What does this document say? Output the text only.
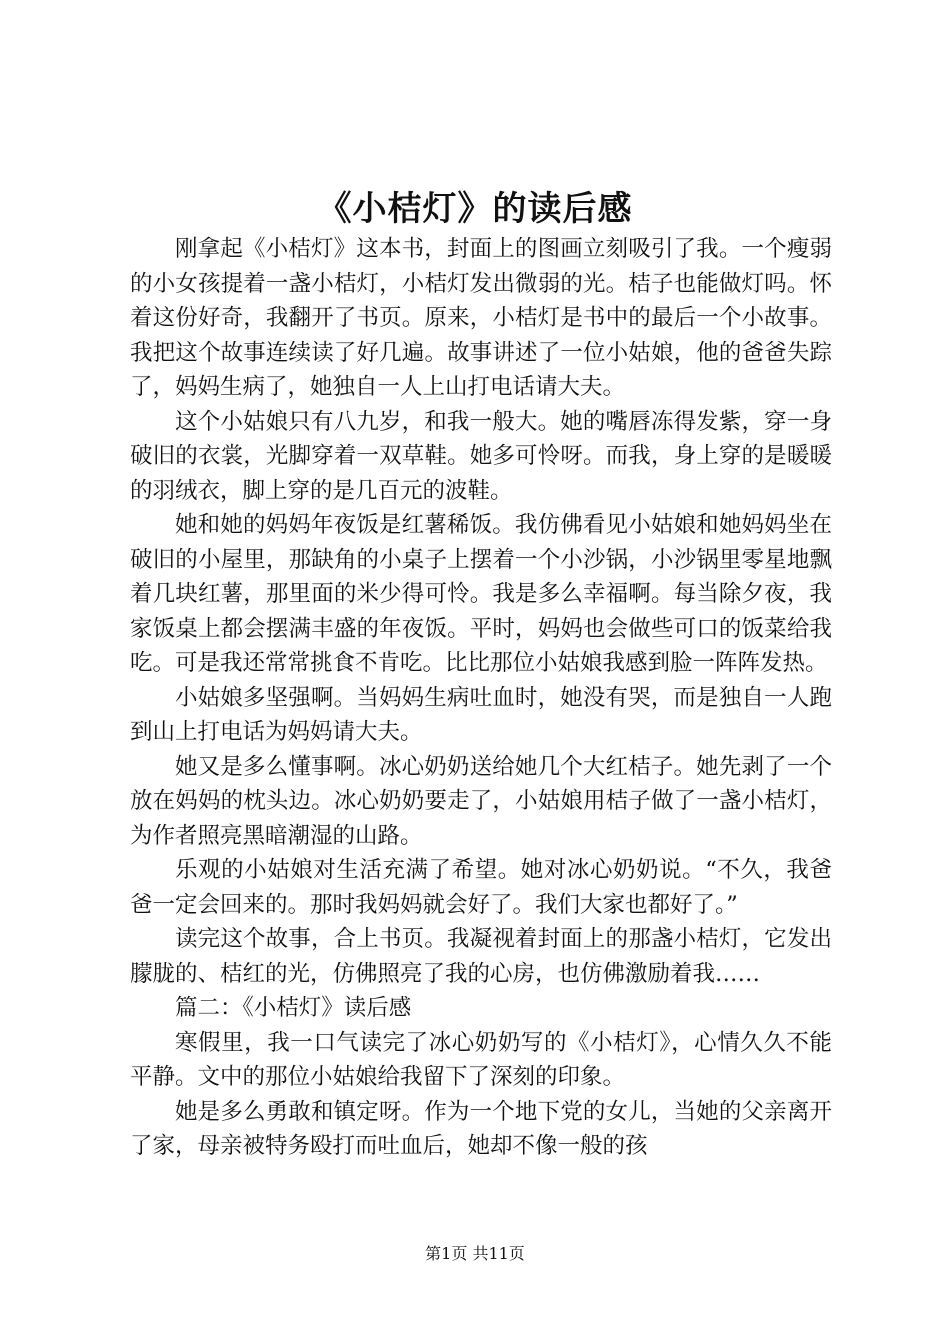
《小桔灯》的读后感

刚拿起《小桔灯》这本书，封面上的图画立刻吸引了我。一个瘦弱的小女孩提着一盏小桔灯，小桔灯发出微弱的光。桔子也能做灯吗。怀着这份好奇，我翻开了书页。原来，小桔灯是书中的最后一个小故事。我把这个故事连续读了好几遍。故事讲述了一位小姑娘，他的爸爸失踪了，妈妈生病了，她独自一人上山打电话请大夫。

这个小姑娘只有八九岁，和我一般大。她的嘴唇冻得发紫，穿一身破旧的衣裳，光脚穿着一双草鞋。她多可怜呀。而我，身上穿的是暖暖的羽绒衣，脚上穿的是几百元的波鞋。

她和她的妈妈年夜饭是红薯稀饭。我仿佛看见小姑娘和她妈妈坐在破旧的小屋里，那缺角的小桌子上摆着一个小沙锅，小沙锅里零星地飘着几块红薯，那里面的米少得可怜。我是多么幸福啊。每当除夕夜，我家饭桌上都会摆满丰盛的年夜饭。平时，妈妈也会做些可口的饭菜给我吃。可是我还常常挑食不肯吃。比比那位小姑娘我感到脸一阵阵发热。

小姑娘多坚强啊。当妈妈生病吐血时，她没有哭，而是独自一人跑到山上打电话为妈妈请大夫。

她又是多么懂事啊。冰心奶奶送给她几个大红桔子。她先剥了一个放在妈妈的枕头边。冰心奶奶要走了，小姑娘用桔子做了一盏小桔灯，为作者照亮黑暗潮湿的山路。

乐观的小姑娘对生活充满了希望。她对冰心奶奶说。“不久，我爸爸一定会回来的。那时我妈妈就会好了。我们大家也都好了。”

读完这个故事，合上书页。我凝视着封面上的那盏小桔灯，它发出朦胧的、桔红的光，仿佛照亮了我的心房，也仿佛激励着我……

篇二：《小桔灯》读后感

寒假里，我一口气读完了冰心奶奶写的《小桔灯》，心情久久不能平静。文中的那位小姑娘给我留下了深刻的印象。

她是多么勇敢和镇定呀。作为一个地下党的女儿，当她的父亲离开了家，母亲被特务殴打而吐血后，她却不像一般的孩

第1页 共11页
